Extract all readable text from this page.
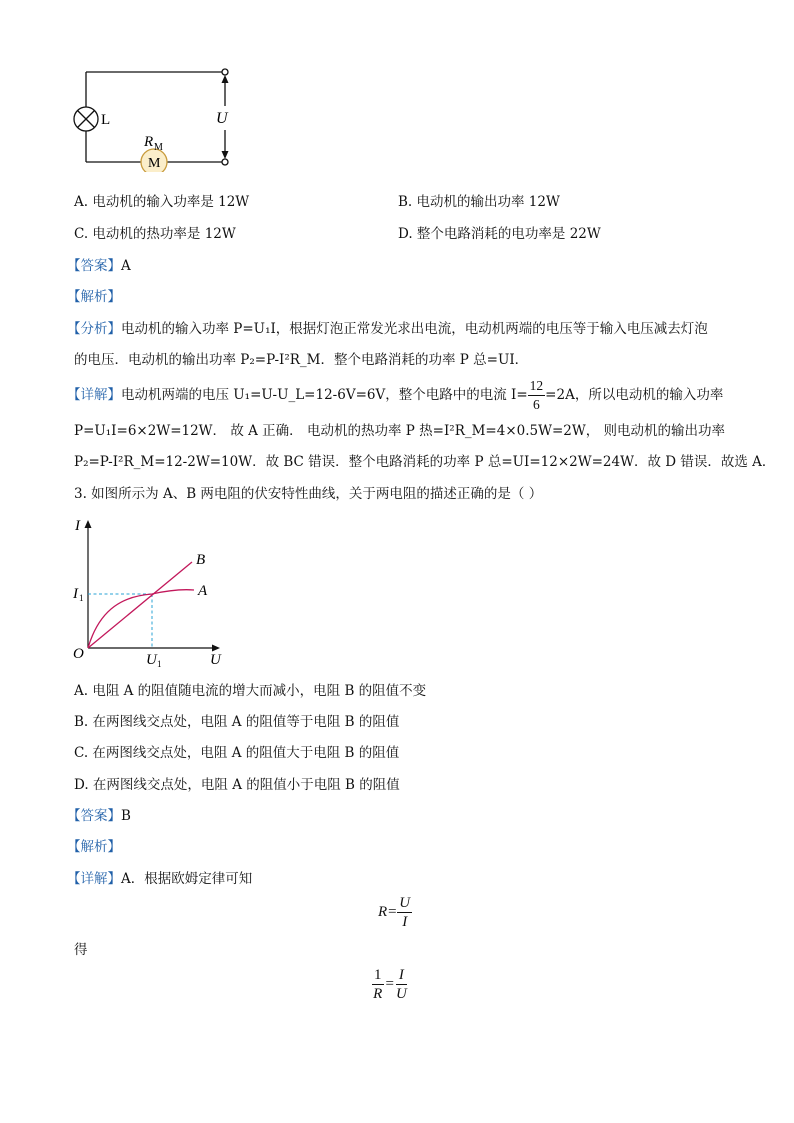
L
M
R M
U
A. 电动机的输入功率是 12W	B. 电动机的输出功率 12W
C. 电动机的热功率是 12W	D. 整个电路消耗的电功率是 22W
【答案】A
【解析】
【分析】电动机的输入功率 P=U₁I，根据灯泡正常发光求出电流，电动机两端的电压等于输入电压减去灯泡
的电压．电动机的输出功率 P₂=P-I²R_M．整个电路消耗的功率 P 总=UI．
【详解】电动机两端的电压 U₁=U-U_L=12-6V=6V，整个电路中的电流 $I= \frac{12}{6} =2A$，所以电动机的输入功率
P=U₁I=6×2W=12W． 故 A 正确． 电动机的热功率 P 热=I²R_M=4×0.5W=2W， 则电动机的输出功率
P₂=P-I²R_M=12-2W=10W．故 BC 错误．整个电路消耗的功率 P 总=UI=12×2W=24W．故 D 错误．故选 A．
3. 如图所示为 A、B 两电阻的伏安特性曲线，关于两电阻的描述正确的是（ ）
I
U
O
I 1
U 1
B
A
A. 电阻 A 的阻值随电流的增大而减小，电阻 B 的阻值不变
B. 在两图线交点处，电阻 A 的阻值等于电阻 B 的阻值
C. 在两图线交点处，电阻 A 的阻值大于电阻 B 的阻值
D. 在两图线交点处，电阻 A 的阻值小于电阻 B 的阻值
【答案】B
【解析】
【详解】A．根据欧姆定律可知
$R= \frac{U}{I}$
得
$\frac{1}{R} = \frac{I}{U}$
